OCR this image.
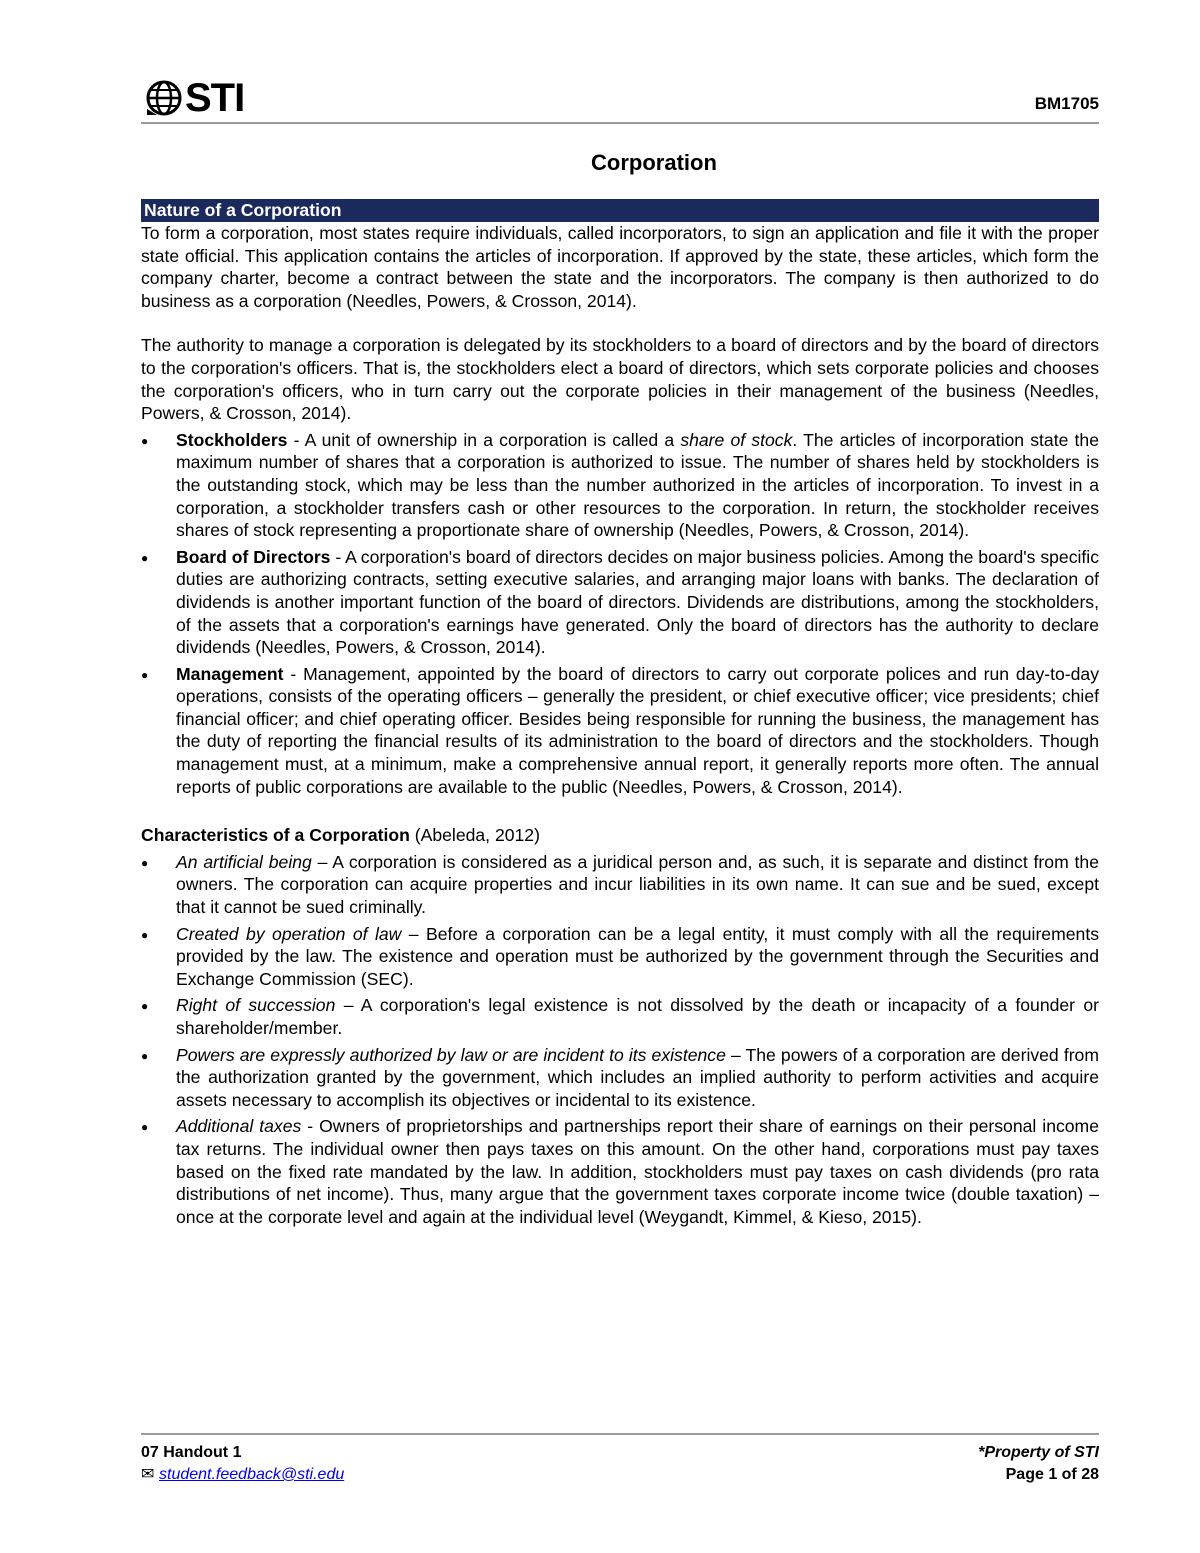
STI	BM1705
Corporation
Nature of a Corporation

To form a corporation, most states require individuals, called incorporators, to sign an application and file it with the proper state official. This application contains the articles of incorporation. If approved by the state, these articles, which form the company charter, become a contract between the state and the incorporators. The company is then authorized to do business as a corporation (Needles, Powers, & Crosson, 2014).

The authority to manage a corporation is delegated by its stockholders to a board of directors and by the board of directors to the corporation's officers. That is, the stockholders elect a board of directors, which sets corporate policies and chooses the corporation's officers, who in turn carry out the corporate policies in their management of the business (Needles, Powers, & Crosson, 2014).

●
Stockholders - A unit of ownership in a corporation is called a share of stock. The articles of incorporation state the maximum number of shares that a corporation is authorized to issue. The number of shares held by stockholders is the outstanding stock, which may be less than the number authorized in the articles of incorporation. To invest in a corporation, a stockholder transfers cash or other resources to the corporation. In return, the stockholder receives shares of stock representing a proportionate share of ownership (Needles, Powers, & Crosson, 2014).
●
Board of Directors - A corporation's board of directors decides on major business policies. Among the board's specific duties are authorizing contracts, setting executive salaries, and arranging major loans with banks. The declaration of dividends is another important function of the board of directors. Dividends are distributions, among the stockholders, of the assets that a corporation's earnings have generated. Only the board of directors has the authority to declare dividends (Needles, Powers, & Crosson, 2014).
●
Management - Management, appointed by the board of directors to carry out corporate polices and run day-to-day operations, consists of the operating officers – generally the president, or chief executive officer; vice presidents; chief financial officer; and chief operating officer. Besides being responsible for running the business, the management has the duty of reporting the financial results of its administration to the board of directors and the stockholders. Though management must, at a minimum, make a comprehensive annual report, it generally reports more often. The annual reports of public corporations are available to the public (Needles, Powers, & Crosson, 2014).

Characteristics of a Corporation (Abeleda, 2012)

●
An artificial being – A corporation is considered as a juridical person and, as such, it is separate and distinct from the owners. The corporation can acquire properties and incur liabilities in its own name. It can sue and be sued, except that it cannot be sued criminally.
●
Created by operation of law – Before a corporation can be a legal entity, it must comply with all the requirements provided by the law. The existence and operation must be authorized by the government through the Securities and Exchange Commission (SEC).
●
Right of succession – A corporation's legal existence is not dissolved by the death or incapacity of a founder or shareholder/member.
●
Powers are expressly authorized by law or are incident to its existence – The powers of a corporation are derived from the authorization granted by the government, which includes an implied authority to perform activities and acquire assets necessary to accomplish its objectives or incidental to its existence.
●
Additional taxes - Owners of proprietorships and partnerships report their share of earnings on their personal income tax returns. The individual owner then pays taxes on this amount. On the other hand, corporations must pay taxes based on the fixed rate mandated by the law. In addition, stockholders must pay taxes on cash dividends (pro rata distributions of net income). Thus, many argue that the government taxes corporate income twice (double taxation) – once at the corporate level and again at the individual level (Weygandt, Kimmel, & Kieso, 2015).
07 Handout 1
✉ student.feedback@sti.edu
*Property of STI
Page 1 of 28
